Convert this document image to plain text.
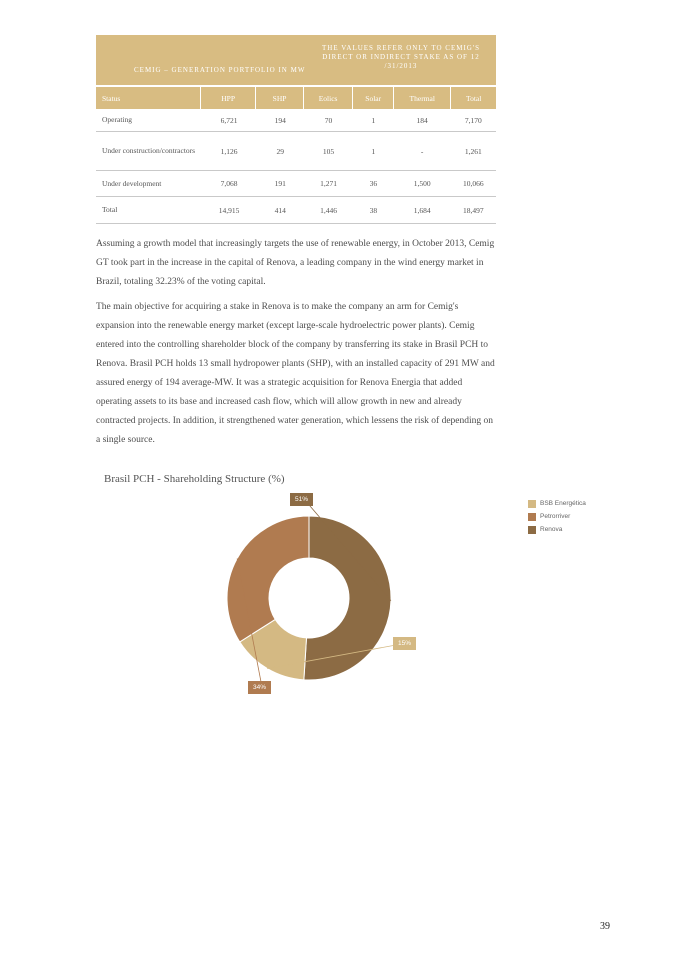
CEMIG – GENERATION PORTFOLIO IN MW
THE VALUES REFER ONLY TO CEMIG'S DIRECT OR INDIRECT STAKE AS OF 12 /31/2013
Status	HPP	SHP	Eolics	Solar	Thermal	Total
Operating	6,721	194	70	1	184	7,170
Under construction/contractors	1,126	29	105	1	-	1,261
Under development	7,068	191	1,271	36	1,500	10,066
Total	14,915	414	1,446	38	1,684	18,497

Assuming a growth model that increasingly targets the use of renewable energy, in October 2013, Cemig GT took part in the increase in the capital of Renova, a leading company in the wind energy market in Brazil, totaling 32.23% of the voting capital.

The main objective for acquiring a stake in Renova is to make the company an arm for Cemig's expansion into the renewable energy market (except large-scale hydroelectric power plants). Cemig entered into the controlling shareholder block of the company by transferring its stake in Brasil PCH to Renova. Brasil PCH holds 13 small hydropower plants (SHP), with an installed capacity of 291 MW and assured energy of 194 average-MW. It was a strategic acquisition for Renova Energia that added operating assets to its base and increased cash flow, which will allow growth in new and already contracted projects. In addition, it strengthened water generation, which lessens the risk of depending on a single source.

Brasil PCH - Shareholding Structure (%)
51%
15%
34%
BSB Energética
Petrorriver
Renova
39
